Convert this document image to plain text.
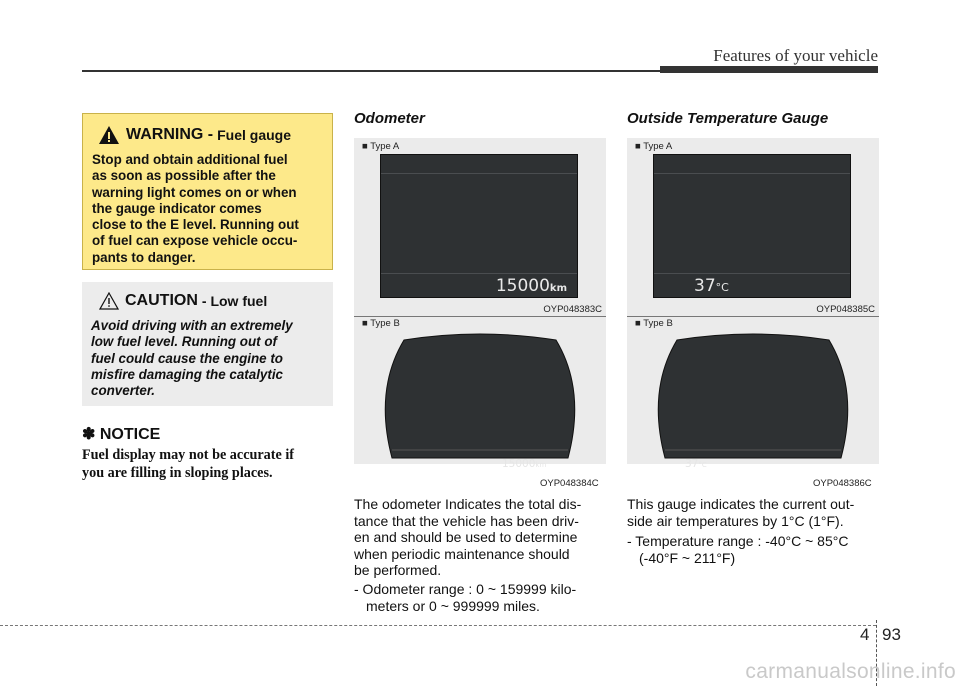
Features of your vehicle
WARNING - Fuel gauge
Stop and obtain additional fuel
as soon as possible after the
warning light comes on or when
the gauge indicator comes
close to the E level. Running out
of fuel can expose vehicle occu-
pants to danger.
CAUTION - Low fuel
Avoid driving with an extremely
low fuel level. Running out of
fuel could cause the engine to
misfire damaging the catalytic
converter.
✽ NOTICE
Fuel display may not be accurate if
you are filling in sloping places.
Odometer
■ Type A
15000km
OYP048383C
■ Type B
15000km
OYP048384C
The odometer Indicates the total dis-
tance that the vehicle has been driv-
en and should be used to determine
when periodic maintenance should
be performed.
- Odometer range : 0 ~ 159999 kilo-
meters or 0 ~ 999999 miles.
Outside Temperature Gauge
■ Type A
37°C
OYP048385C
■ Type B
37°C
OYP048386C
This gauge indicates the current out-
side air temperatures by 1°C (1°F).
- Temperature range : -40°C ~ 85°C
(-40°F ~ 211°F)
4 93
carmanualsonline.info
